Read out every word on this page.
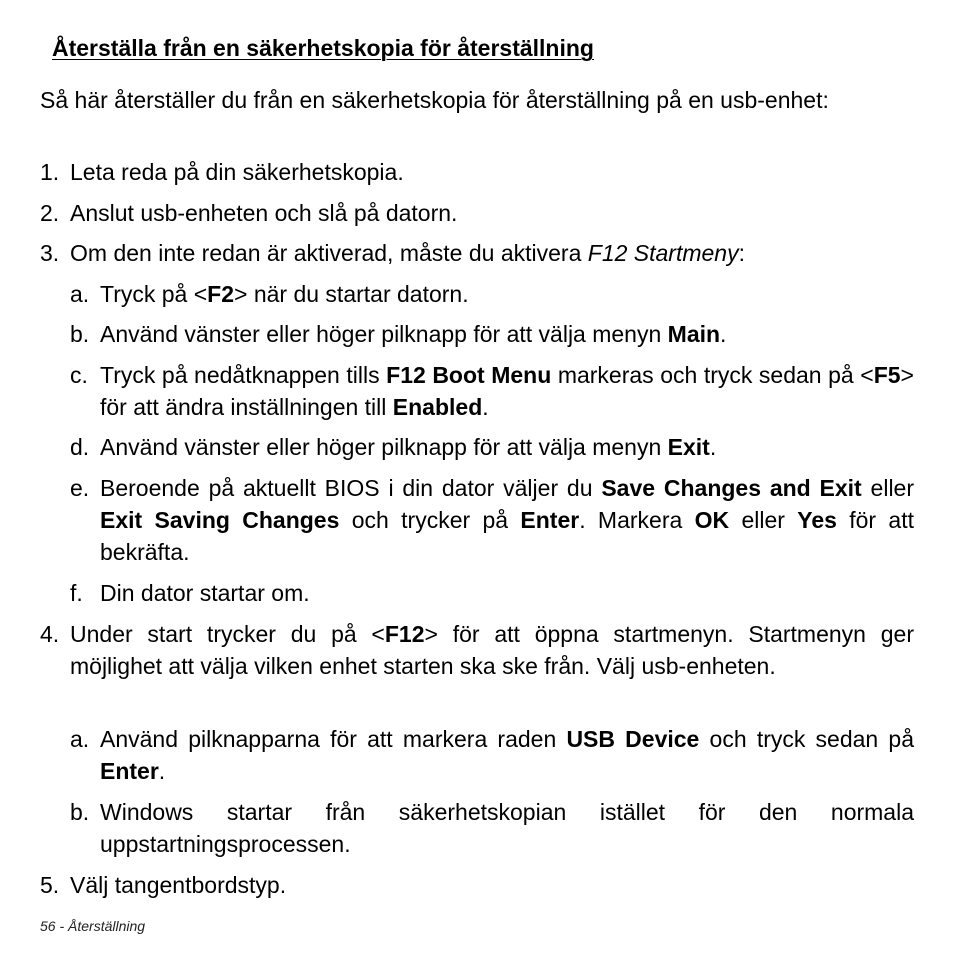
Återställa från en säkerhetskopia för återställning

Så här återställer du från en säkerhetskopia för återställning på en usb-enhet:

1. Leta reda på din säkerhetskopia.
2. Anslut usb-enheten och slå på datorn.
3. Om den inte redan är aktiverad, måste du aktivera F12 Startmeny:
a. Tryck på <F2> när du startar datorn.
b. Använd vänster eller höger pilknapp för att välja menyn Main.
c. Tryck på nedåtknappen tills F12 Boot Menu markeras och tryck sedan på <F5> för att ändra inställningen till Enabled.
d. Använd vänster eller höger pilknapp för att välja menyn Exit.
e. Beroende på aktuellt BIOS i din dator väljer du Save Changes and Exit eller Exit Saving Changes och trycker på Enter. Markera OK eller Yes för att bekräfta.
f. Din dator startar om.
4. Under start trycker du på <F12> för att öppna startmenyn. Startmenyn ger möjlighet att välja vilken enhet starten ska ske från. Välj usb-enheten.
a. Använd pilknapparna för att markera raden USB Device och tryck sedan på Enter.
b. Windows startar från säkerhetskopian istället för den normala uppstartningsprocessen.
5. Välj tangentbordstyp.
56 - Återställning
